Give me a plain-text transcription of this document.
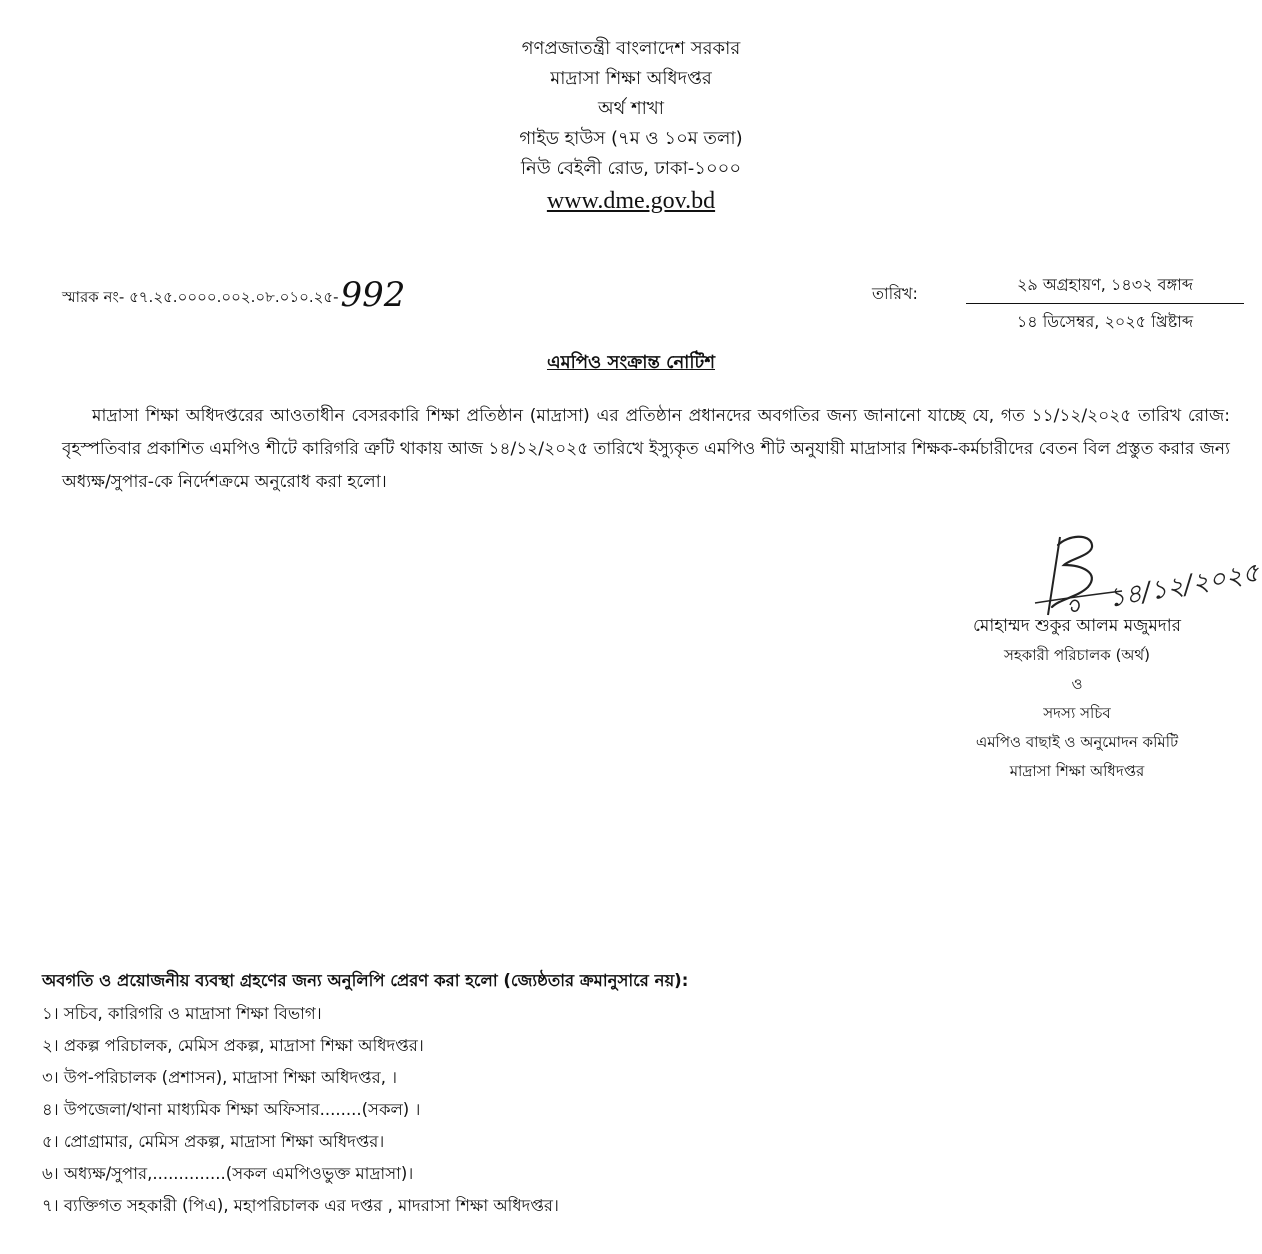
গণপ্রজাতন্ত্রী বাংলাদেশ সরকার
মাদ্রাসা শিক্ষা অধিদপ্তর
অর্থ শাখা
গাইড হাউস (৭ম ও ১০ম তলা)
নিউ বেইলী রোড, ঢাকা-১০০০
www.dme.gov.bd
স্মারক নং- ৫৭.২৫.০০০০.০০২.০৮.০১০.২৫-992	তারিখ:	২৯ অগ্রহায়ণ, ১৪৩২ বঙ্গাব্দ
১৪ ডিসেম্বর, ২০২৫ খ্রিষ্টাব্দ
এমপিও সংক্রান্ত নোটিশ
মাদ্রাসা শিক্ষা অধিদপ্তরের আওতাধীন বেসরকারি শিক্ষা প্রতিষ্ঠান (মাদ্রাসা) এর প্রতিষ্ঠান প্রধানদের অবগতির জন্য জানানো যাচ্ছে যে, গত ১১/১২/২০২৫ তারিখ রোজ: বৃহস্পতিবার প্রকাশিত এমপিও শীটে কারিগরি ত্রুটি থাকায় আজ ১৪/১২/২০২৫ তারিখে ইস্যুকৃত এমপিও শীট অনুযায়ী মাদ্রাসার শিক্ষক-কর্মচারীদের বেতন বিল প্রস্তুত করার জন্য অধ্যক্ষ/সুপার-কে নির্দেশক্রমে অনুরোধ করা হলো।
১৪/১২/২০২৫
মোহাম্মদ শুকুর আলম মজুমদার
সহকারী পরিচালক (অর্থ)
ও
সদস্য সচিব
এমপিও বাছাই ও অনুমোদন কমিটি
মাদ্রাসা শিক্ষা অধিদপ্তর
অবগতি ও প্রয়োজনীয় ব্যবস্থা গ্রহণের জন্য অনুলিপি প্রেরণ করা হলো (জ্যেষ্ঠতার ক্রমানুসারে নয়):
১। সচিব, কারিগরি ও মাদ্রাসা শিক্ষা বিভাগ।
২। প্রকল্প পরিচালক, মেমিস প্রকল্প, মাদ্রাসা শিক্ষা অধিদপ্তর।
৩। উপ-পরিচালক (প্রশাসন), মাদ্রাসা শিক্ষা অধিদপ্তর, ।
৪। উপজেলা/থানা মাধ্যমিক শিক্ষা অফিসার........(সকল) ।
৫। প্রোগ্রামার, মেমিস প্রকল্প, মাদ্রাসা শিক্ষা অধিদপ্তর।
৬। অধ্যক্ষ/সুপার,..............(সকল এমপিওভুক্ত মাদ্রাসা)।
৭। ব্যক্তিগত সহকারী (পিএ), মহাপরিচালক এর দপ্তর , মাদরাসা শিক্ষা অধিদপ্তর।
